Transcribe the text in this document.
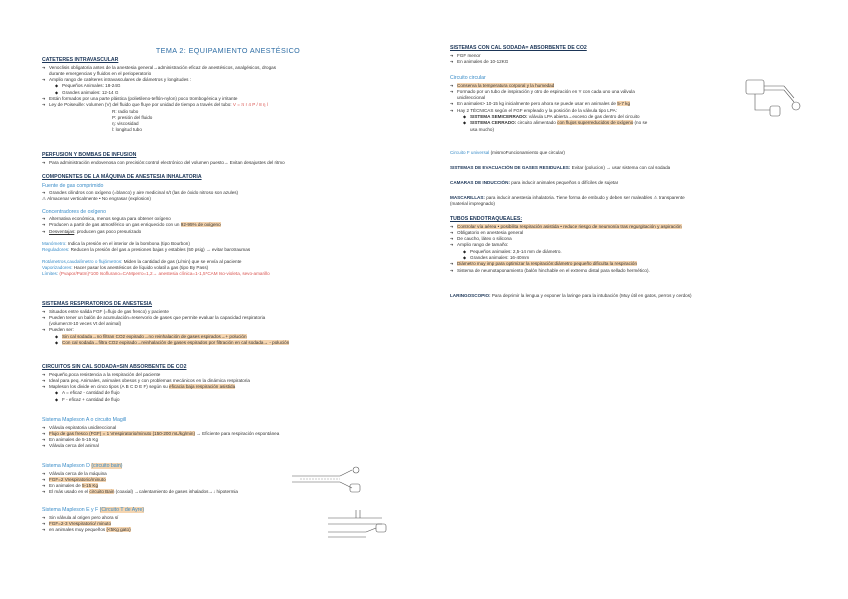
TEMA 2: EQUIPAMIENTO ANESTÉSICO
CATETERES INTRAVASCULAR
➔ Venoclisis obligatoria antes de la anestesia general→administración eficaz de anestésicos, analgésicos, drogas
durante emergencias y fluidos en el perioperatorio
➔ Amplio rango de catéteres intravasculares de diámetros y longitudes :
◆ Pequeños Animales: 18-24G
◆ Grandes animales: 12-14 G
➔ Están formados por una parte plástica (polietileno-teflón-nylon) poco trombogénica y irritante
➔ Ley de Poiseuille: volumen (V) del fluido que fluye por unidad de tiempo a través del tubo: V = π r 4 P / 8 η l
R: radio tubo
P: presión del fluido
η: viscosidad
l: longitud tubo
PERFUSION Y BOMBAS DE INFUSION
➔ Para administración endovenosa con precisión:control electrónico del volumen puesto→ Evitan desajustes del ritmo
COMPONENTES DE LA MÁQUINA DE ANESTESIA INHALATORIA
Fuente de gas comprimido
➔ Grandes cilindros con oxígeno (=blanco) y aire medicinal s/t (las de óxido nitroso son azules)
⚠ Almacenar verticalmente • No engrasar (explosion)
Concentradores de oxígeno
➔ Alternativa económica, menos segura para obtener oxígeno
➔ Producen a partir de gas atmosférico un gas enriquecido con un 92-95% de oxígeno
➔ Desventajas: producen gas poco presurizado
Manómetro: Indica la presión en el interior de la bombona (tipo Bourbon)
Reguladores: Reducen la presión del gas a presiones bajas y estables (50 psig) → evitar barotraumas
Rotámetros,caudalímetro o flujómetros: Miden la cantidad de gas (L/min) que se envía al paciente
Vaporizadores: Hacer pasar los anestésicos de líquido volatil a gas (tipo By Pass)
Límites: (Pvapor/Patm)*100 Isoflurano=CAMperro=1,2→ anestesia clínica=1-1,5*CAM Iso-violeta, sevo-amarillo
SISTEMAS RESPIRATORIOS DE ANESTESIA
➔ Situados entre salida FGF (=flujo de gas fresco) y paciente
➔ Pueden tener un balón de acumulación=reservorio de gases que permite evaluar la capacidad respiratoria
(volumen:8-10 veces Vt del animal)
➔ Pueden ser:
◆ Sin cal sodada→no filtran CO2 expirado→no reinhalación de gases espirados→+ polución
◆ Con cal sodada→filtra CO2 expirado→reinhalación de gases espirados por filtración en cal sodada→ - polución
CIRCUITOS SIN CAL SODADA=SIN ABSORBENTE DE CO2
➔ Pequeño,poca resistencia a la respiración del paciente
➔ Ideal para peq. Animales, animales obesos y con problemas mecánicos en la dinámica respiratoria
➔ Mapleson los divide en cinco tipos (A B C D E F) según su eficacia baja respiración asistida
◆ A = eficaz - cantidad de flujo
◆ F - eficaz + cantidad de flujo
Sistema Mapleson A o circuito Magill
➔ Válvula espiratoria unidireccional
➔ Flujo de gas fresco (FGF) = 1 Vrespiratorio/minuto (150-200 mL/kg/min) → Eficiente para respiración espontánea
➔ En animales de 5-15 Kg
➔ Válvula cerca del animal
Sistema Mapleson D (circuito bain)
➔ Válvula cerca de la máquina
➔ FGF=2 Vrespiratorio/minuto
➔ En animales de 5-15 Kg
➔ El más usado en el circuito Bain (coaxial) →calentamiento de gases inhalados→↓ hipotermia
Sistema Mapleson E y F (Circuito T de Ayre)
➔ Sin válvula al origen pero ahora sí
➔ FGF=2-3 Vrespiratorio/ minuto
➔ en animales muy pequeños (<5Kg gato)
SISTEMAS CON CAL SODADA= ABSORBENTE DE CO2
➔ FGF menor
➔ En animales de 10-12KG
Circuito circular
➔ Conserva la temperatura corporal y la humedad
➔ Formado por un tubo de inspiración y otro de espiración en Y con cada uno una válvula
unidireccional
➔ En animales> 10-15 kg inicialmente pero ahora se puede usar en animales de 5-7 kg
➔ Hay 2 TÉCNICAS según el FGF empleado y la posición de la válvula tipo LPA:
◆ SISTEMA SEMICERRADO: válvula LPA abierta→exceso de gas dentro del circuito
◆ SISTEMA CERRADO: circuito alimentado con flujos superreducidos de oxígeno (no se
usa mucho)
Circuito F universal (mismoFuncionamiento que circular)
SISTEMAS DE EVACUACIÓN DE GASES RESIDUALES: Evitar (polucion) → usar sistema con cal sodada
CAMARAS DE INDUCCIÓN: para inducir animales pequeños o difíciles de sujetar
MASCARILLAS: para inducir anestesia inhalatoria. Tiene forma de embudo y deben ser maleables ⚠ transparente
(material impregnado)
TUBOS ENDOTRAQUEALES:
➔ Controlar vía aérea • posibilita respiración asistida • reduce riesgo de neumonía tras regurgitación y aspiración
➔ Obligatorio en anestesia general
➔ De caucho, látex o silicona
➔ Amplio rango de tamaño:
◆ Pequeños animales: 2,5-14 mm de diámetro.
◆ Grandes animales: 16-40mm
➔ Diámetro muy imp para optimizar la respiración:diámetro pequeño dificulta la respiración
➔ Sistema de neumotaponamiento (balón hinchable en el extremo distal para sellado hermético).
LARINGOSCOPIO: Para deprimir la lengua y exponer la laringe para la intubación (Muy útil en gatos, perros y cerdos)
